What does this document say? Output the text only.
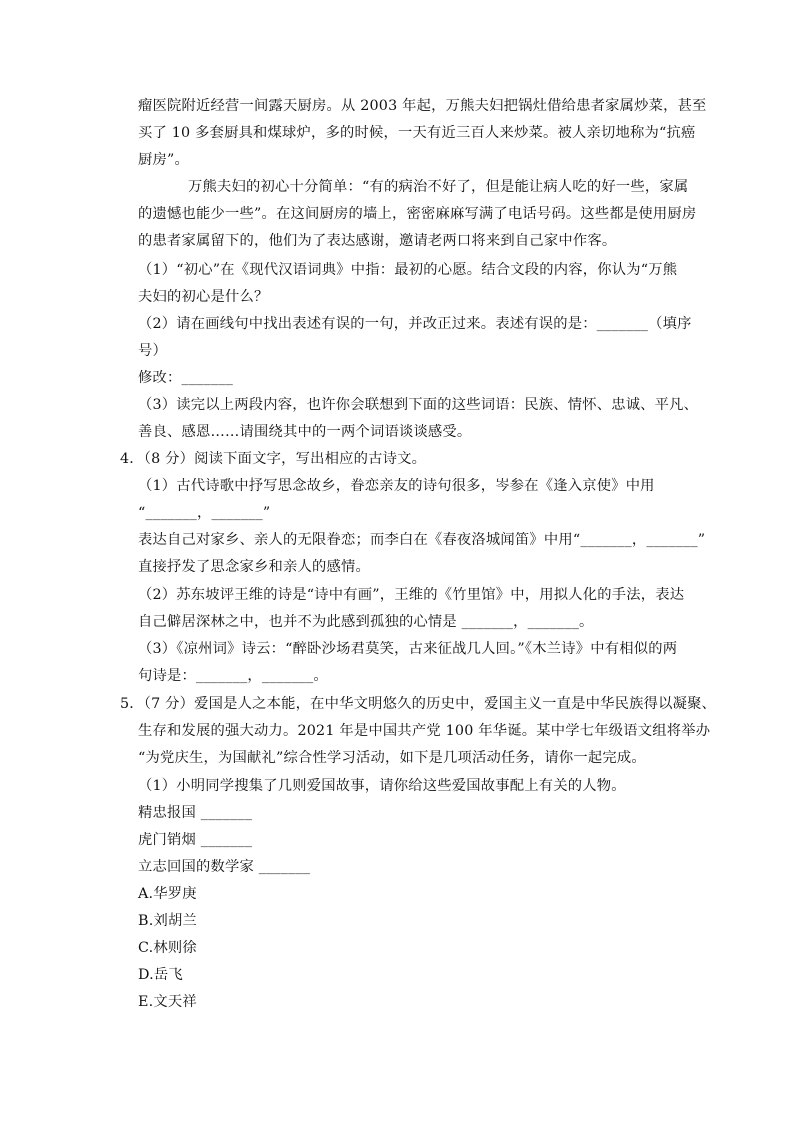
瘤医院附近经营一间露天厨房。从 2003 年起，万熊夫妇把锅灶借给患者家属炒菜，甚至
买了 10 多套厨具和煤球炉，多的时候，一天有近三百人来炒菜。被人亲切地称为“抗癌
厨房”。
万熊夫妇的初心十分简单：“有的病治不好了，但是能让病人吃的好一些，家属
的遗憾也能少一些”。在这间厨房的墙上，密密麻麻写满了电话号码。这些都是使用厨房
的患者家属留下的，他们为了表达感谢，邀请老两口将来到自己家中作客。
（1）“初心”在《现代汉语词典》中指：最初的心愿。结合文段的内容，你认为“万熊
夫妇的初心是什么？
（2）请在画线句中找出表述有误的一句，并改正过来。表述有误的是：_______（填序
号）
修改：_______
（3）读完以上两段内容，也许你会联想到下面的这些词语：民族、情怀、忠诚、平凡、
善良、感恩……请围绕其中的一两个词语谈谈感受。
4．（8 分）阅读下面文字，写出相应的古诗文。
（1）古代诗歌中抒写思念故乡，眷恋亲友的诗句很多，岑参在《逢入京使》中用
“_______，_______”
表达自己对家乡、亲人的无限眷恋；而李白在《春夜洛城闻笛》中用“_______，_______”
直接抒发了思念家乡和亲人的感情。
（2）苏东坡评王维的诗是“诗中有画”，王维的《竹里馆》中，用拟人化的手法，表达
自己僻居深林之中，也并不为此感到孤独的心情是 _______，_______。
（3）《凉州词》诗云：“醉卧沙场君莫笑，古来征战几人回。”《木兰诗》中有相似的两
句诗是：_______，_______。
5．（7 分）爱国是人之本能，在中华文明悠久的历史中，爱国主义一直是中华民族得以凝聚、
生存和发展的强大动力。2021 年是中国共产党 100 年华诞。某中学七年级语文组将举办
“为党庆生，为国献礼”综合性学习活动，如下是几项活动任务，请你一起完成。
（1）小明同学搜集了几则爱国故事，请你给这些爱国故事配上有关的人物。
精忠报国 _______
虎门销烟 _______
立志回国的数学家 _______
A.华罗庚
B.刘胡兰
C.林则徐
D.岳飞
E.文天祥
